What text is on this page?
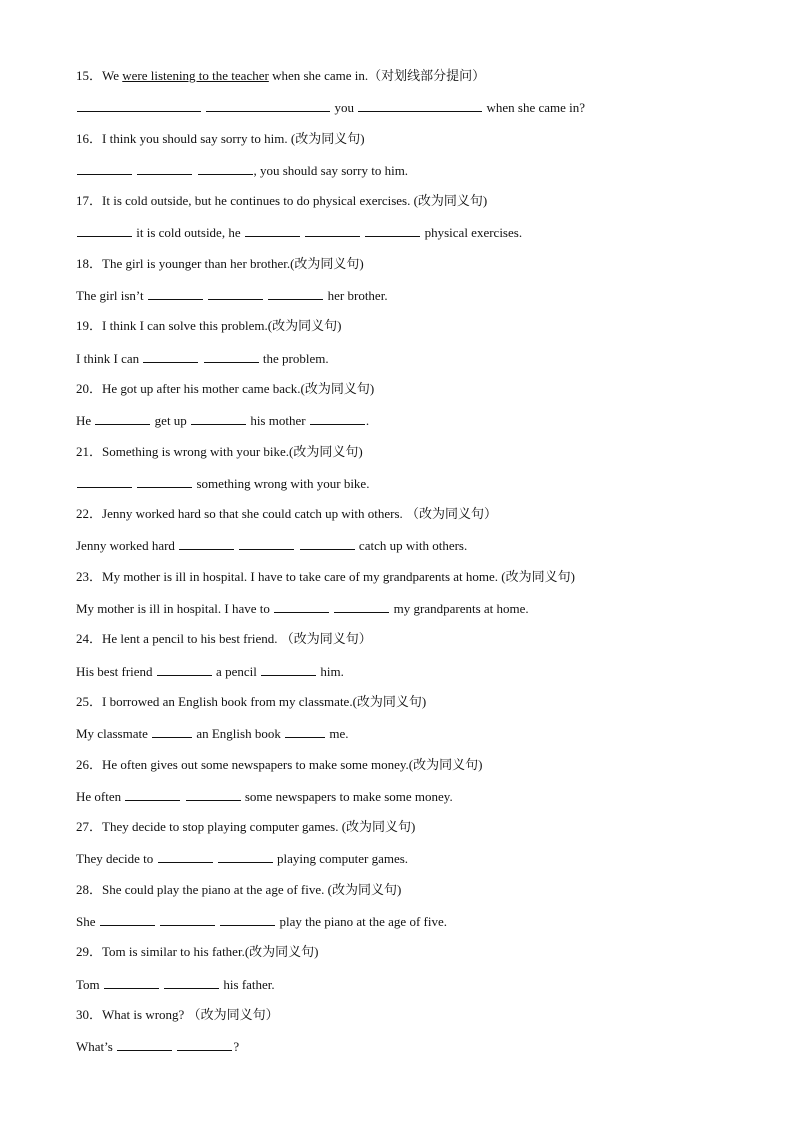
15．We were listening to the teacher when she came in.（对划线部分提问）
you	when she came in?
16．I think you should say sorry to him. (改为同义句)
, you should say sorry to him.
17．It is cold outside, but he continues to do physical exercises. (改为同义句)
it is cold outside, he	physical exercises.
18．The girl is younger than her brother.(改为同义句)
The girl isn’t	her brother.
19．I think I can solve this problem.(改为同义句)
I think I can	the problem.
20．He got up after his mother came back.(改为同义句)
He	get up	his mother	.
21．Something is wrong with your bike.(改为同义句)
something wrong with your bike.
22．Jenny worked hard so that she could catch up with others. （改为同义句）
Jenny worked hard	catch up with others.
23．My mother is ill in hospital. I have to take care of my grandparents at home. (改为同义句)
My mother is ill in hospital. I have to	my grandparents at home.
24．He lent a pencil to his best friend. （改为同义句）
His best friend	a pencil	him.
25．I borrowed an English book from my classmate.(改为同义句)
My classmate	an English book	me.
26．He often gives out some newspapers to make some money.(改为同义句)
He often	some newspapers to make some money.
27．They decide to stop playing computer games. (改为同义句)
They decide to	playing computer games.
28．She could play the piano at the age of five. (改为同义句)
She	play the piano at the age of five.
29．Tom is similar to his father.(改为同义句)
Tom	his father.
30．What is wrong? （改为同义句）
What’s	?
